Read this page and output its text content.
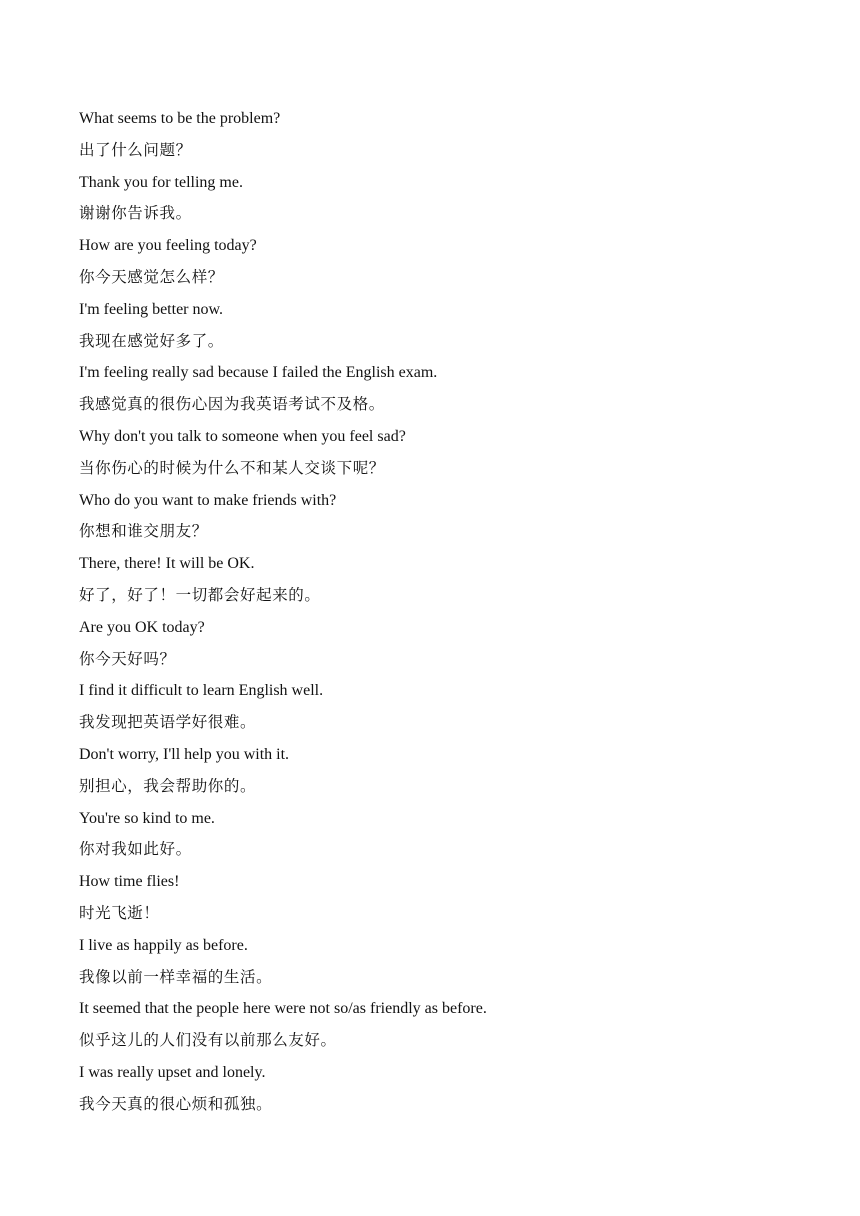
What seems to be the problem?
出了什么问题？
Thank you for telling me.
谢谢你告诉我。
How are you feeling today?
你今天感觉怎么样？
I'm feeling better now.
我现在感觉好多了。
I'm feeling really sad because I failed the English exam.
我感觉真的很伤心因为我英语考试不及格。
Why don't you talk to someone when you feel sad?
当你伤心的时候为什么不和某人交谈下呢？
Who do you want to make friends with?
你想和谁交朋友？
There, there! It will be OK.
好了，好了！一切都会好起来的。
Are you OK today?
你今天好吗？
I find it difficult to learn English well.
我发现把英语学好很难。
Don't worry, I'll help you with it.
别担心，我会帮助你的。
You're so kind to me.
你对我如此好。
How time flies!
时光飞逝！
I live as happily as before.
我像以前一样幸福的生活。
It seemed that the people here were not so/as friendly as before.
似乎这儿的人们没有以前那么友好。
I was really upset and lonely.
我今天真的很心烦和孤独。
